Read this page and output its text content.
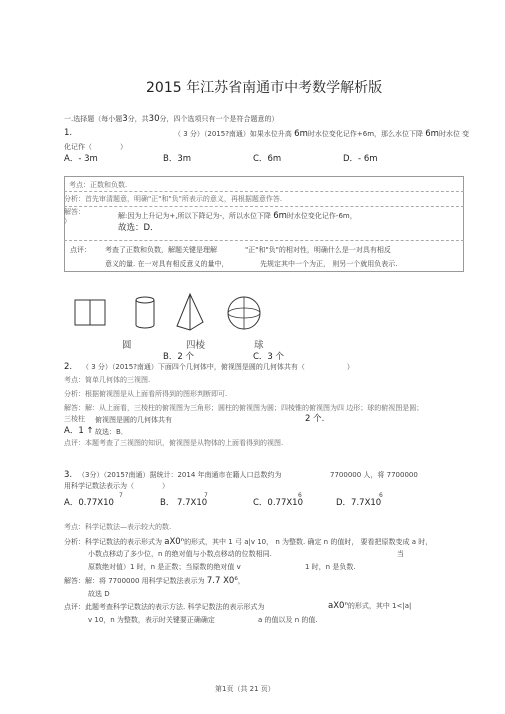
2015 年江苏省南通市中考数学解析版
一.选择题（每小题3分，共30分，四个选项只有一个是符合题意的）
1.	（ 3 分）（2015?南通）如果水位升高 6m时水位变化记作+6m，那么水位下降 6m时水位 变
化记作（　　　　）
A．- 3m	B．3m	C．6m	D．- 6m
考点：正数和负数.
分析：首先审清题意，明确"正"和"负"所表示的意义，再根据题意作答.
解答：
）
解:因为上升记为+,所以下降记为-，所以水位下降 6m时水位变化记作-6m，
故选：D．
点评： 考查了正数和负数，解题关键是理解	"正"和"负"的相对性，明确什么是一对具有相反
意义的量. 在一对具有相反意义的量中，	先规定其中一个为正， 则另一个就用负表示.
圆	四棱	球
B．2 个	C．3 个
2. （ 3 分）（2015?南通）下面四个几何体中，俯视图是圆的几何体共有（　　　　　　）
考点：简单几何体的三视图.
分析：根据俯视图是从上面看所得到的图形判断即可.
解答：解：从上面看，三棱柱的俯视图为三角形；圆柱的俯视图为圆；四棱锥的俯视图为四 边形；球的俯视图是圆；
三棱柱 俯视图是圆的几何体共有	2 个.
A．1 ↑ 故选：B．
点评：本题考查了三视图的知识，俯视图是从物体的上面看得到的视图.
3. （3分）（2015?南通）据统计：2014 年南通市在籍人口总数约为	7700000 人，将 7700000
用科学记数法表示为（　　　　）
7	7	6	6
A．0.77X10	B． 7.7X10	C．0.77X10	D．7.7X10
考点：科学记数法—表示较大的数.
分析：科学记数法的表示形式为 aX0ⁿ的形式，其中 1 弓 a|v 10， n 为整数. 确定 n 的值时， 要看把原数变成 a 时，
小数点移动了多少位，n 的绝对值与小数点移动的位数相同.	当
原数绝对值）1 时，n 是正数；当原数的绝对值 v	1 时，n 是负数.
解答：解：将 7700000 用科学记数法表示为 7.7 X0⁶，
故选 D
点评：此题考查科学记数法的表示方法. 科学记数法的表示形式为	aX0ⁿ的形式，其中 1<|a|
v 10，n 为整数，表示时关键要正确确定	a 的值以及 n 的值.
第1页（共 21 页）
